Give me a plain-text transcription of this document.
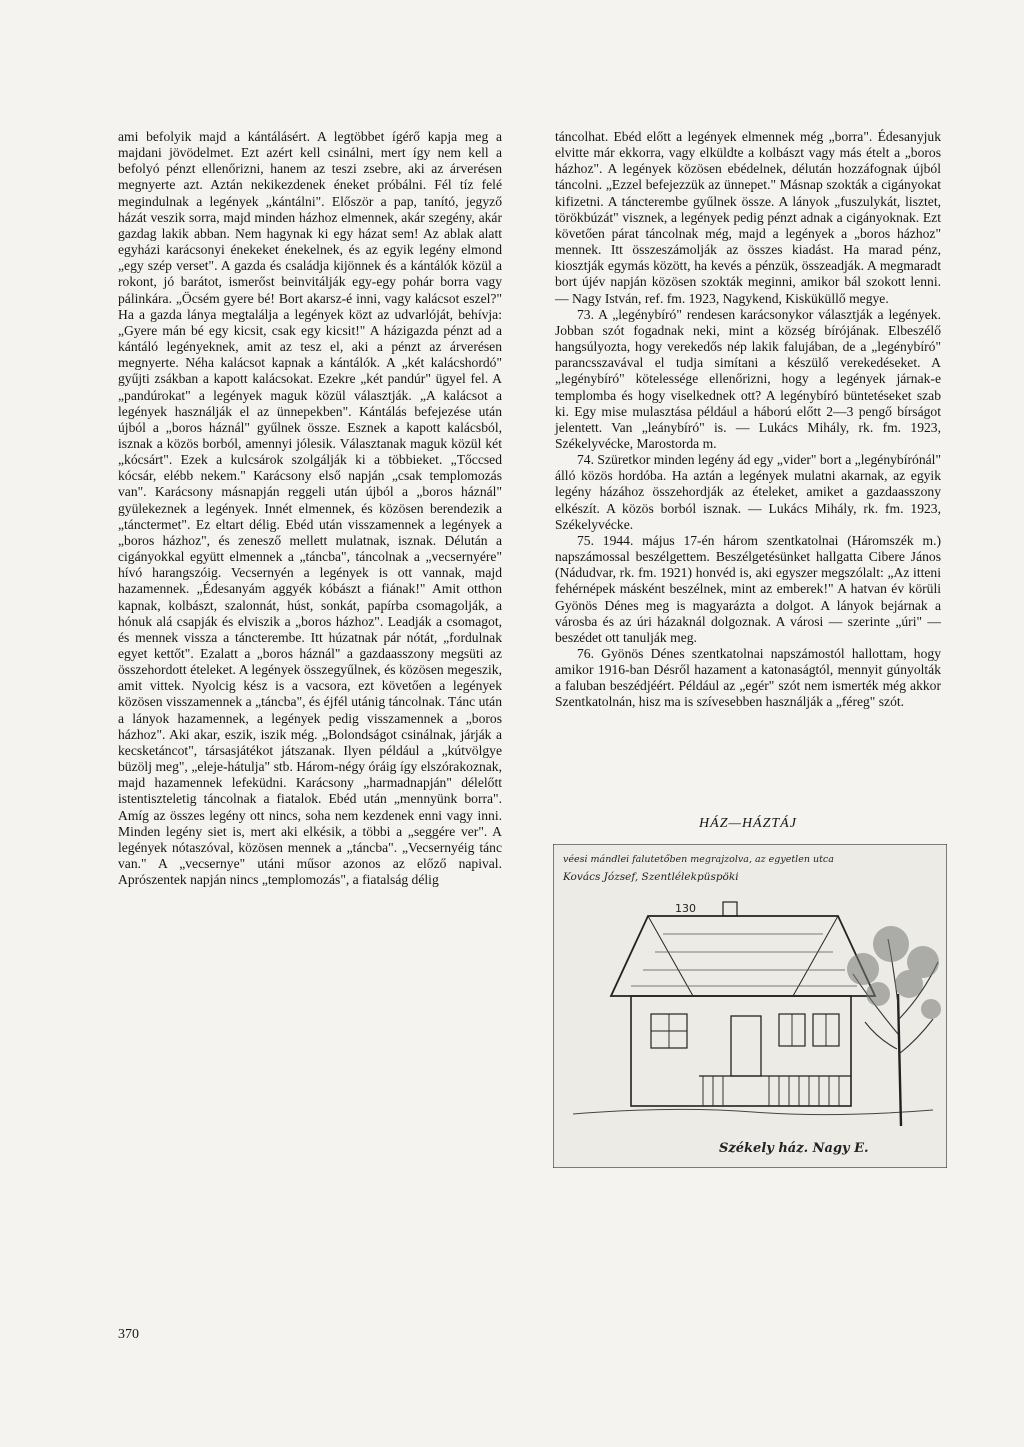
ami befolyik majd a kántálásért. A legtöbbet ígérő kapja meg a majdani jövödelmet. Ezt azért kell csinálni, mert így nem kell a befolyó pénzt ellenőrizni, hanem az teszi zsebre, aki az árverésen megnyerte azt. Aztán nekikezdenek éneket próbálni. Fél tíz felé megindulnak a legények „kántálni". Először a pap, tanító, jegyző házát veszik sorra, majd minden házhoz elmennek, akár szegény, akár gazdag lakik abban. Nem hagynak ki egy házat sem! Az ablak alatt egyházi karácsonyi énekeket énekelnek, és az egyik legény elmond „egy szép verset". A gazda és családja kijönnek és a kántálók közül a rokont, jó barátot, ismerőst beinvitálják egy-egy pohár borra vagy pálinkára. „Öcsém gyere bé! Bort akarsz-é inni, vagy kalácsot eszel?" Ha a gazda lánya megtalálja a legények közt az udvarlóját, behívja: „Gyere mán bé egy kicsit, csak egy kicsit!" A házigazda pénzt ad a kántáló legényeknek, amit az tesz el, aki a pénzt az árverésen megnyerte. Néha kalácsot kapnak a kántálók. A „két kalácshordó" gyűjti zsákban a kapott kalácsokat. Ezekre „két pandúr" ügyel fel. A „pandúrokat" a legények maguk közül választják. „A kalácsot a legények használják el az ünnepekben". Kántálás befejezése után újból a „boros háznál" gyűlnek össze. Esznek a kapott kalácsból, isznak a közös borból, amennyi jólesik. Választanak maguk közül két „kócsárt". Ezek a kulcsárok szolgálják ki a többieket. „Tőccsed kócsár, elébb nekem." Karácsony első napján „csak templomozás van". Karácsony másnapján reggeli után újból a „boros háznál" gyülekeznek a legények. Innét elmennek, és közösen berendezik a „tánctermet". Ez eltart délig. Ebéd után visszamennek a legények a „boros házhoz", és zenesző mellett mulatnak, isznak. Délután a cigányokkal együtt elmennek a „táncba", táncolnak a „vecsernyére" hívó harangszóig. Vecsernyén a legények is ott vannak, majd hazamennek. „Édesanyám aggyék kóbászt a fiának!" Amit otthon kapnak, kolbászt, szalonnát, húst, sonkát, papírba csomagolják, a hónuk alá csapják és elviszik a „boros házhoz". Leadják a csomagot, és mennek vissza a táncterembe. Itt húzatnak pár nótát, „fordulnak egyet kettőt". Ezalatt a „boros háznál" a gazdaasszony megsüti az összehordott ételeket. A legények összegyűlnek, és közösen megeszik, amit vittek. Nyolcig kész is a vacsora, ezt követően a legények közösen visszamennek a „táncba", és éjfél utánig táncolnak. Tánc után a lányok hazamennek, a legények pedig visszamennek a „boros házhoz". Aki akar, eszik, iszik még. „Bolondságot csinálnak, járják a kecsketáncot", társasjátékot játszanak. Ilyen például a „kútvölgye büzölj meg", „eleje-hátulja" stb. Három-négy óráig így elszórakoznak, majd hazamennek lefeküdni. Karácsony „harmadnapján" délelőtt istentiszteletig táncolnak a fiatalok. Ebéd után „mennyünk borra". Amíg az összes legény ott nincs, soha nem kezdenek enni vagy inni. Minden legény siet is, mert aki elkésik, a többi a „seggére ver". A legények nótaszóval, közösen mennek a „táncba". „Vecsernyéig tánc van." A „vecsernye" utáni műsor azonos az előző napival. Aprószentek napján nincs „templomozás", a fiatalság délig

táncolhat. Ebéd előtt a legények elmennek még „borra". Édesanyjuk elvitte már ekkorra, vagy elküldte a kolbászt vagy más ételt a „boros házhoz". A legények közösen ebédelnek, délután hozzáfognak újból táncolni. „Ezzel befejezzük az ünnepet." Másnap szokták a cigányokat kifizetni. A táncterembe gyűlnek össze. A lányok „fuszulykát, lisztet, törökbúzát" visznek, a legények pedig pénzt adnak a cigányoknak. Ezt követően párat táncolnak még, majd a legények a „boros házhoz" mennek. Itt összeszámolják az összes kiadást. Ha marad pénz, kiosztják egymás között, ha kevés a pénzük, összeadják. A megmaradt bort újév napján közösen szokták meginni, amikor bál szokott lenni. — Nagy István, ref. fm. 1923, Nagykend, Kisküküllő megye.

73. A „legénybíró" rendesen karácsonykor választják a legények. Jobban szót fogadnak neki, mint a község bírójának. Elbeszélő hangsúlyozta, hogy verekedős nép lakik falujában, de a „legénybíró" parancsszavával el tudja simítani a készülő verekedéseket. A „legénybíró" kötelessége ellenőrizni, hogy a legények járnak-e templomba és hogy viselkednek ott? A legénybíró büntetéseket szab ki. Egy mise mulasztása például a háború előtt 2—3 pengő bírságot jelentett. Van „leánybíró" is. — Lukács Mihály, rk. fm. 1923, Székelyvécke, Marostorda m.

74. Szüretkor minden legény ád egy „vider" bort a „legénybírónál" álló közös hordóba. Ha aztán a legények mulatni akarnak, az egyik legény házához összehordják az ételeket, amiket a gazdaasszony elkészít. A közös borból isznak. — Lukács Mihály, rk. fm. 1923, Székelyvécke.

75. 1944. május 17-én három szentkatolnai (Háromszék m.) napszámossal beszélgettem. Beszélgetésünket hallgatta Cibere János (Nádudvar, rk. fm. 1921) honvéd is, aki egyszer megszólalt: „Az itteni fehérnépek másként beszélnek, mint az emberek!" A hatvan év körüli Gyönös Dénes meg is magyarázta a dolgot. A lányok bejárnak a városba és az úri házaknál dolgoznak. A városi — szerinte „úri" — beszédet ott tanulják meg.

76. Gyönös Dénes szentkatolnai napszámostól hallottam, hogy amikor 1916-ban Désről hazament a katonaságtól, mennyit gúnyolták a faluban beszédjéért. Például az „egér" szót nem ismerték még akkor Szentkatolnán, hisz ma is szívesebben használják a „féreg" szót.

HÁZ—HÁZTÁJ
véesi mándlei falutetőben megrajzolva, az egyetlen utca
Kovács József, Szentlélekpüspöki
130
Székely ház. Nagy E.
370
